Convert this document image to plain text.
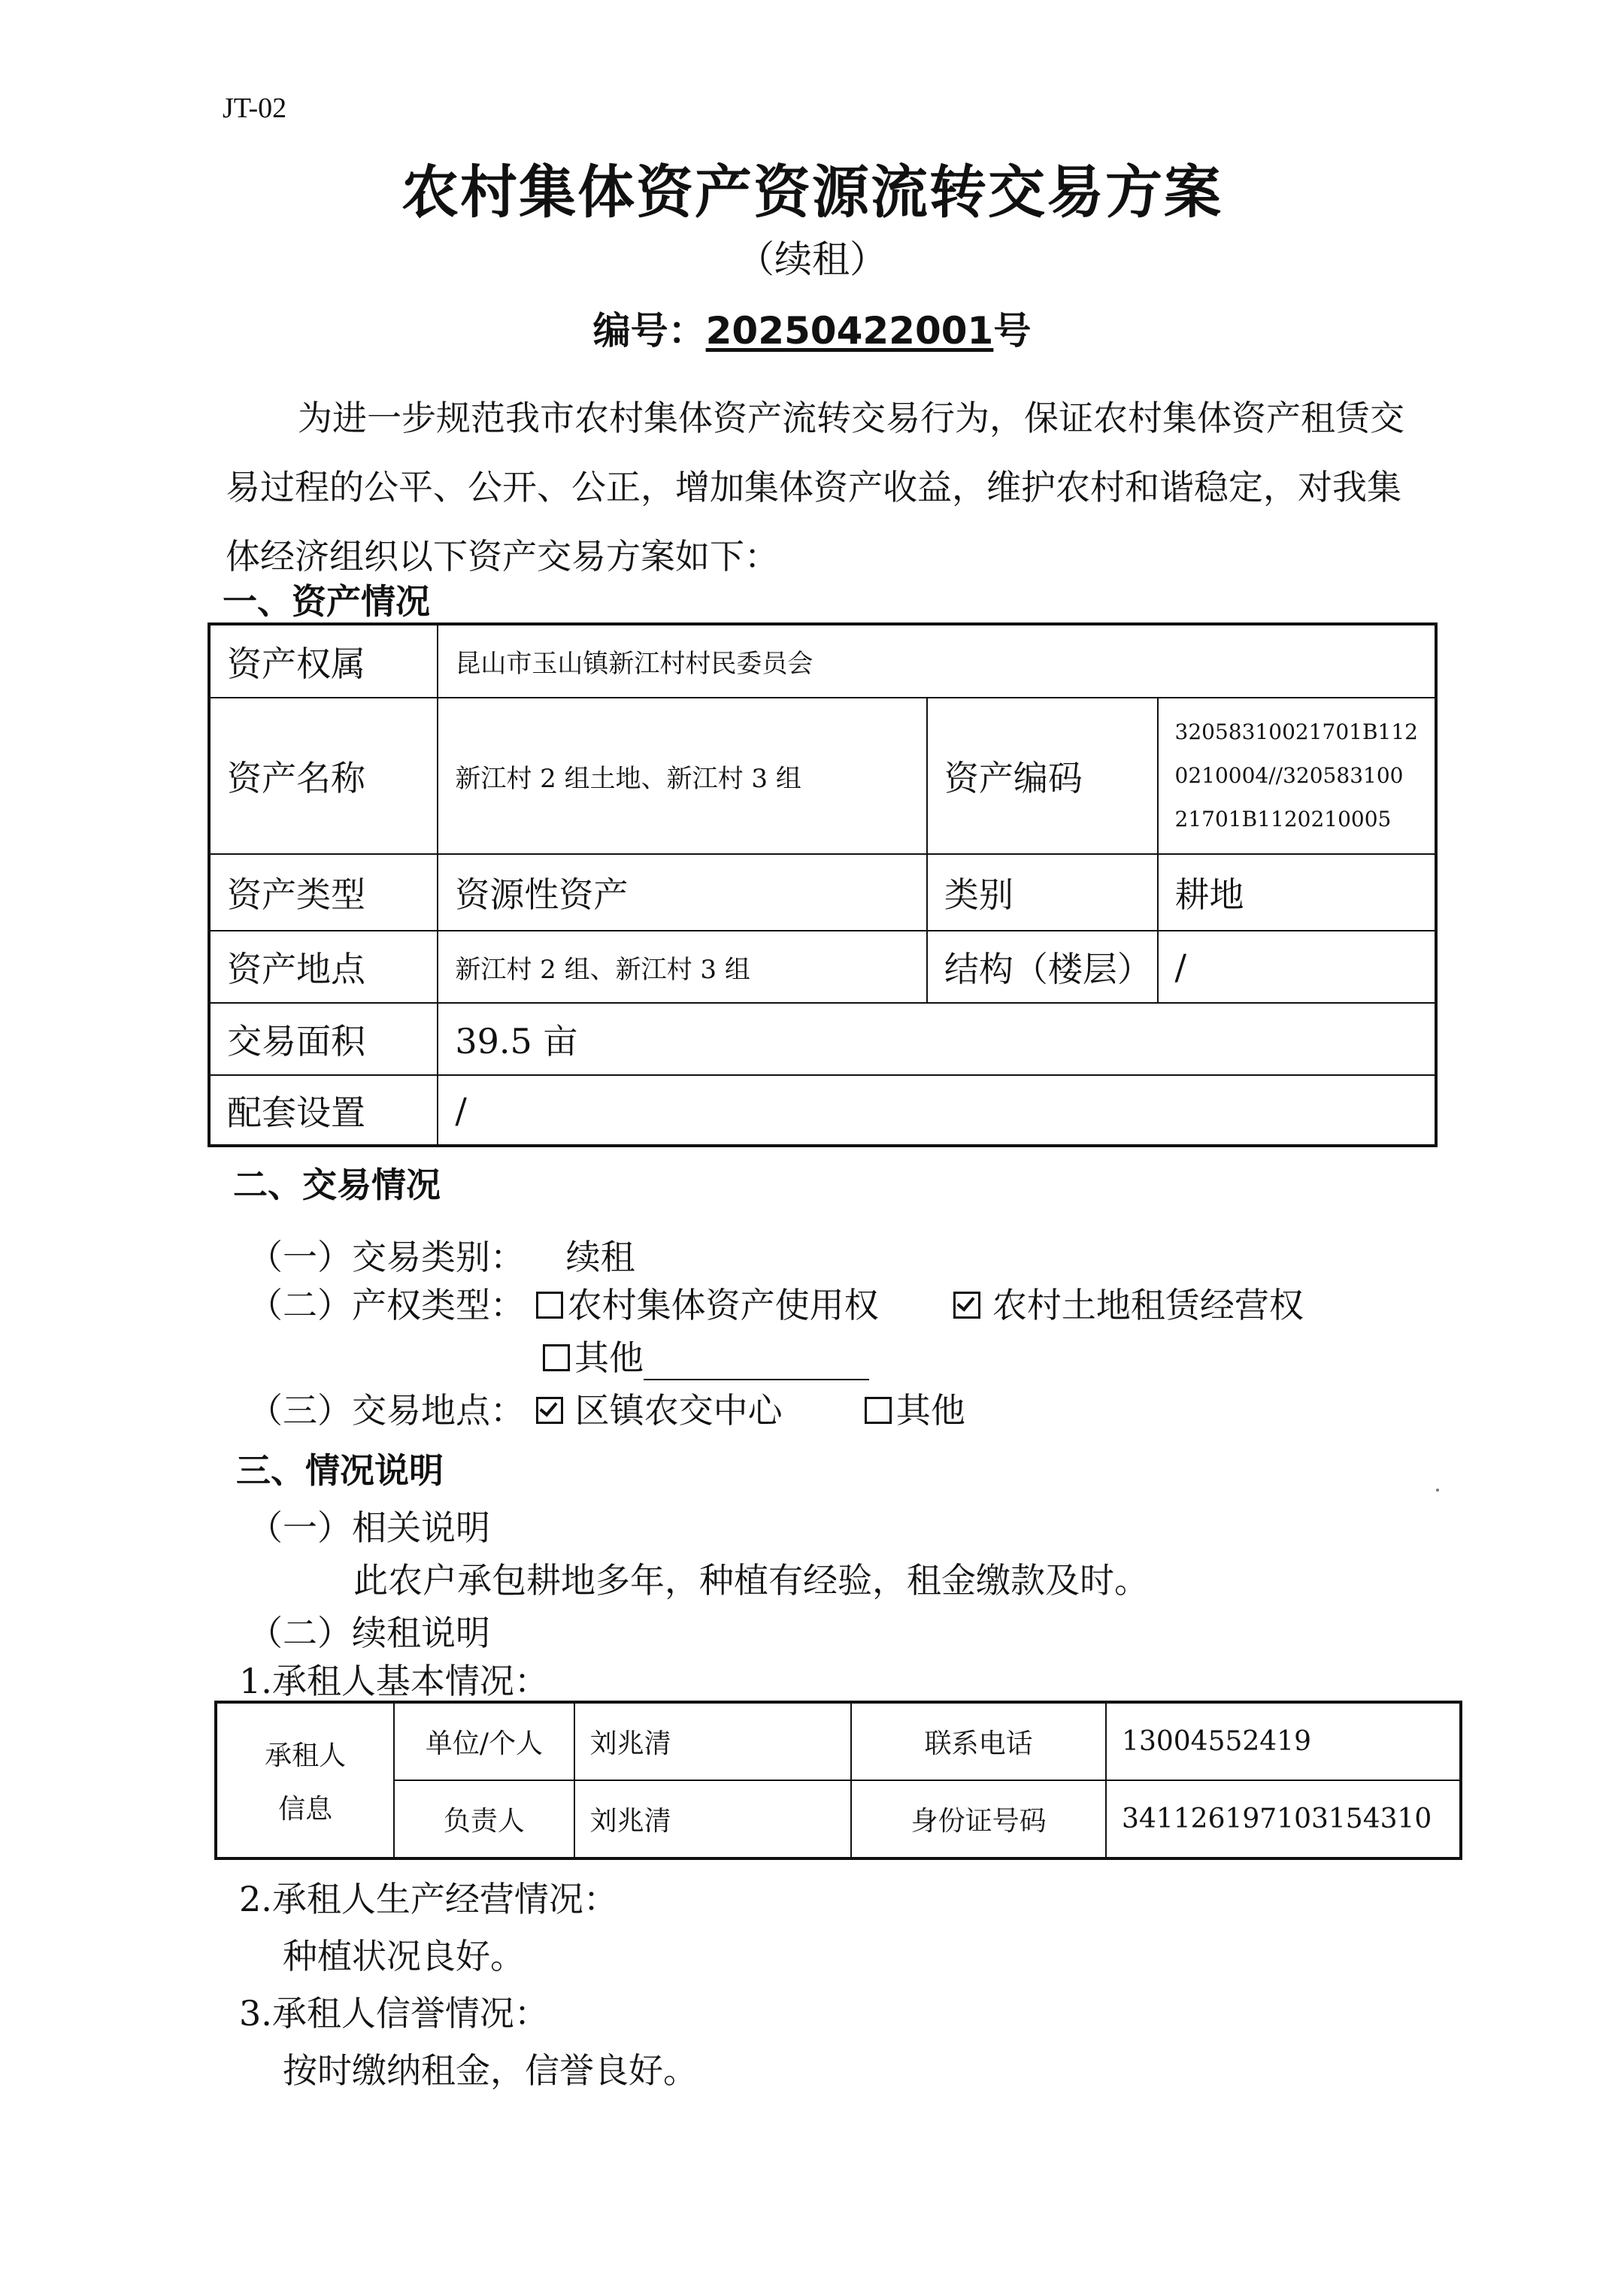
JT-02
农村集体资产资源流转交易方案
（续租）
编号：20250422001号

为进一步规范我市农村集体资产流转交易行为，保证农村集体资产租赁交易过程的公平、公开、公正，增加集体资产收益，维护农村和谐稳定，对我集体经济组织以下资产交易方案如下：

一、资产情况
资产权属	昆山市玉山镇新江村村民委员会		
资产名称	新江村 2 组土地、新江村 3 组	资产编码	32058310021701B112
0210004//320583100
21701B1120210005

资产类型	资源性资产	类别	耕地
资产地点	新江村 2 组、新江村 3 组	结构（楼层）	/
交易面积	39.5 亩		
配套设置	/		
二、交易情况
（一）交易类别： 续租
（二）产权类型： 农村集体资产使用权	农村土地租赁经营权
其他
（三）交易地点： 区镇农交中心	其他
三、情况说明
（一）相关说明
此农户承包耕地多年，种植有经验，租金缴款及时。
（二）续租说明
1.承租人基本情况：
承租人
信息	单位/个人	刘兆清	联系电话	13004552419
	负责人	刘兆清	身份证号码	341126197103154310
2.承租人生产经营情况：
种植状况良好。
3.承租人信誉情况：
按时缴纳租金，信誉良好。
